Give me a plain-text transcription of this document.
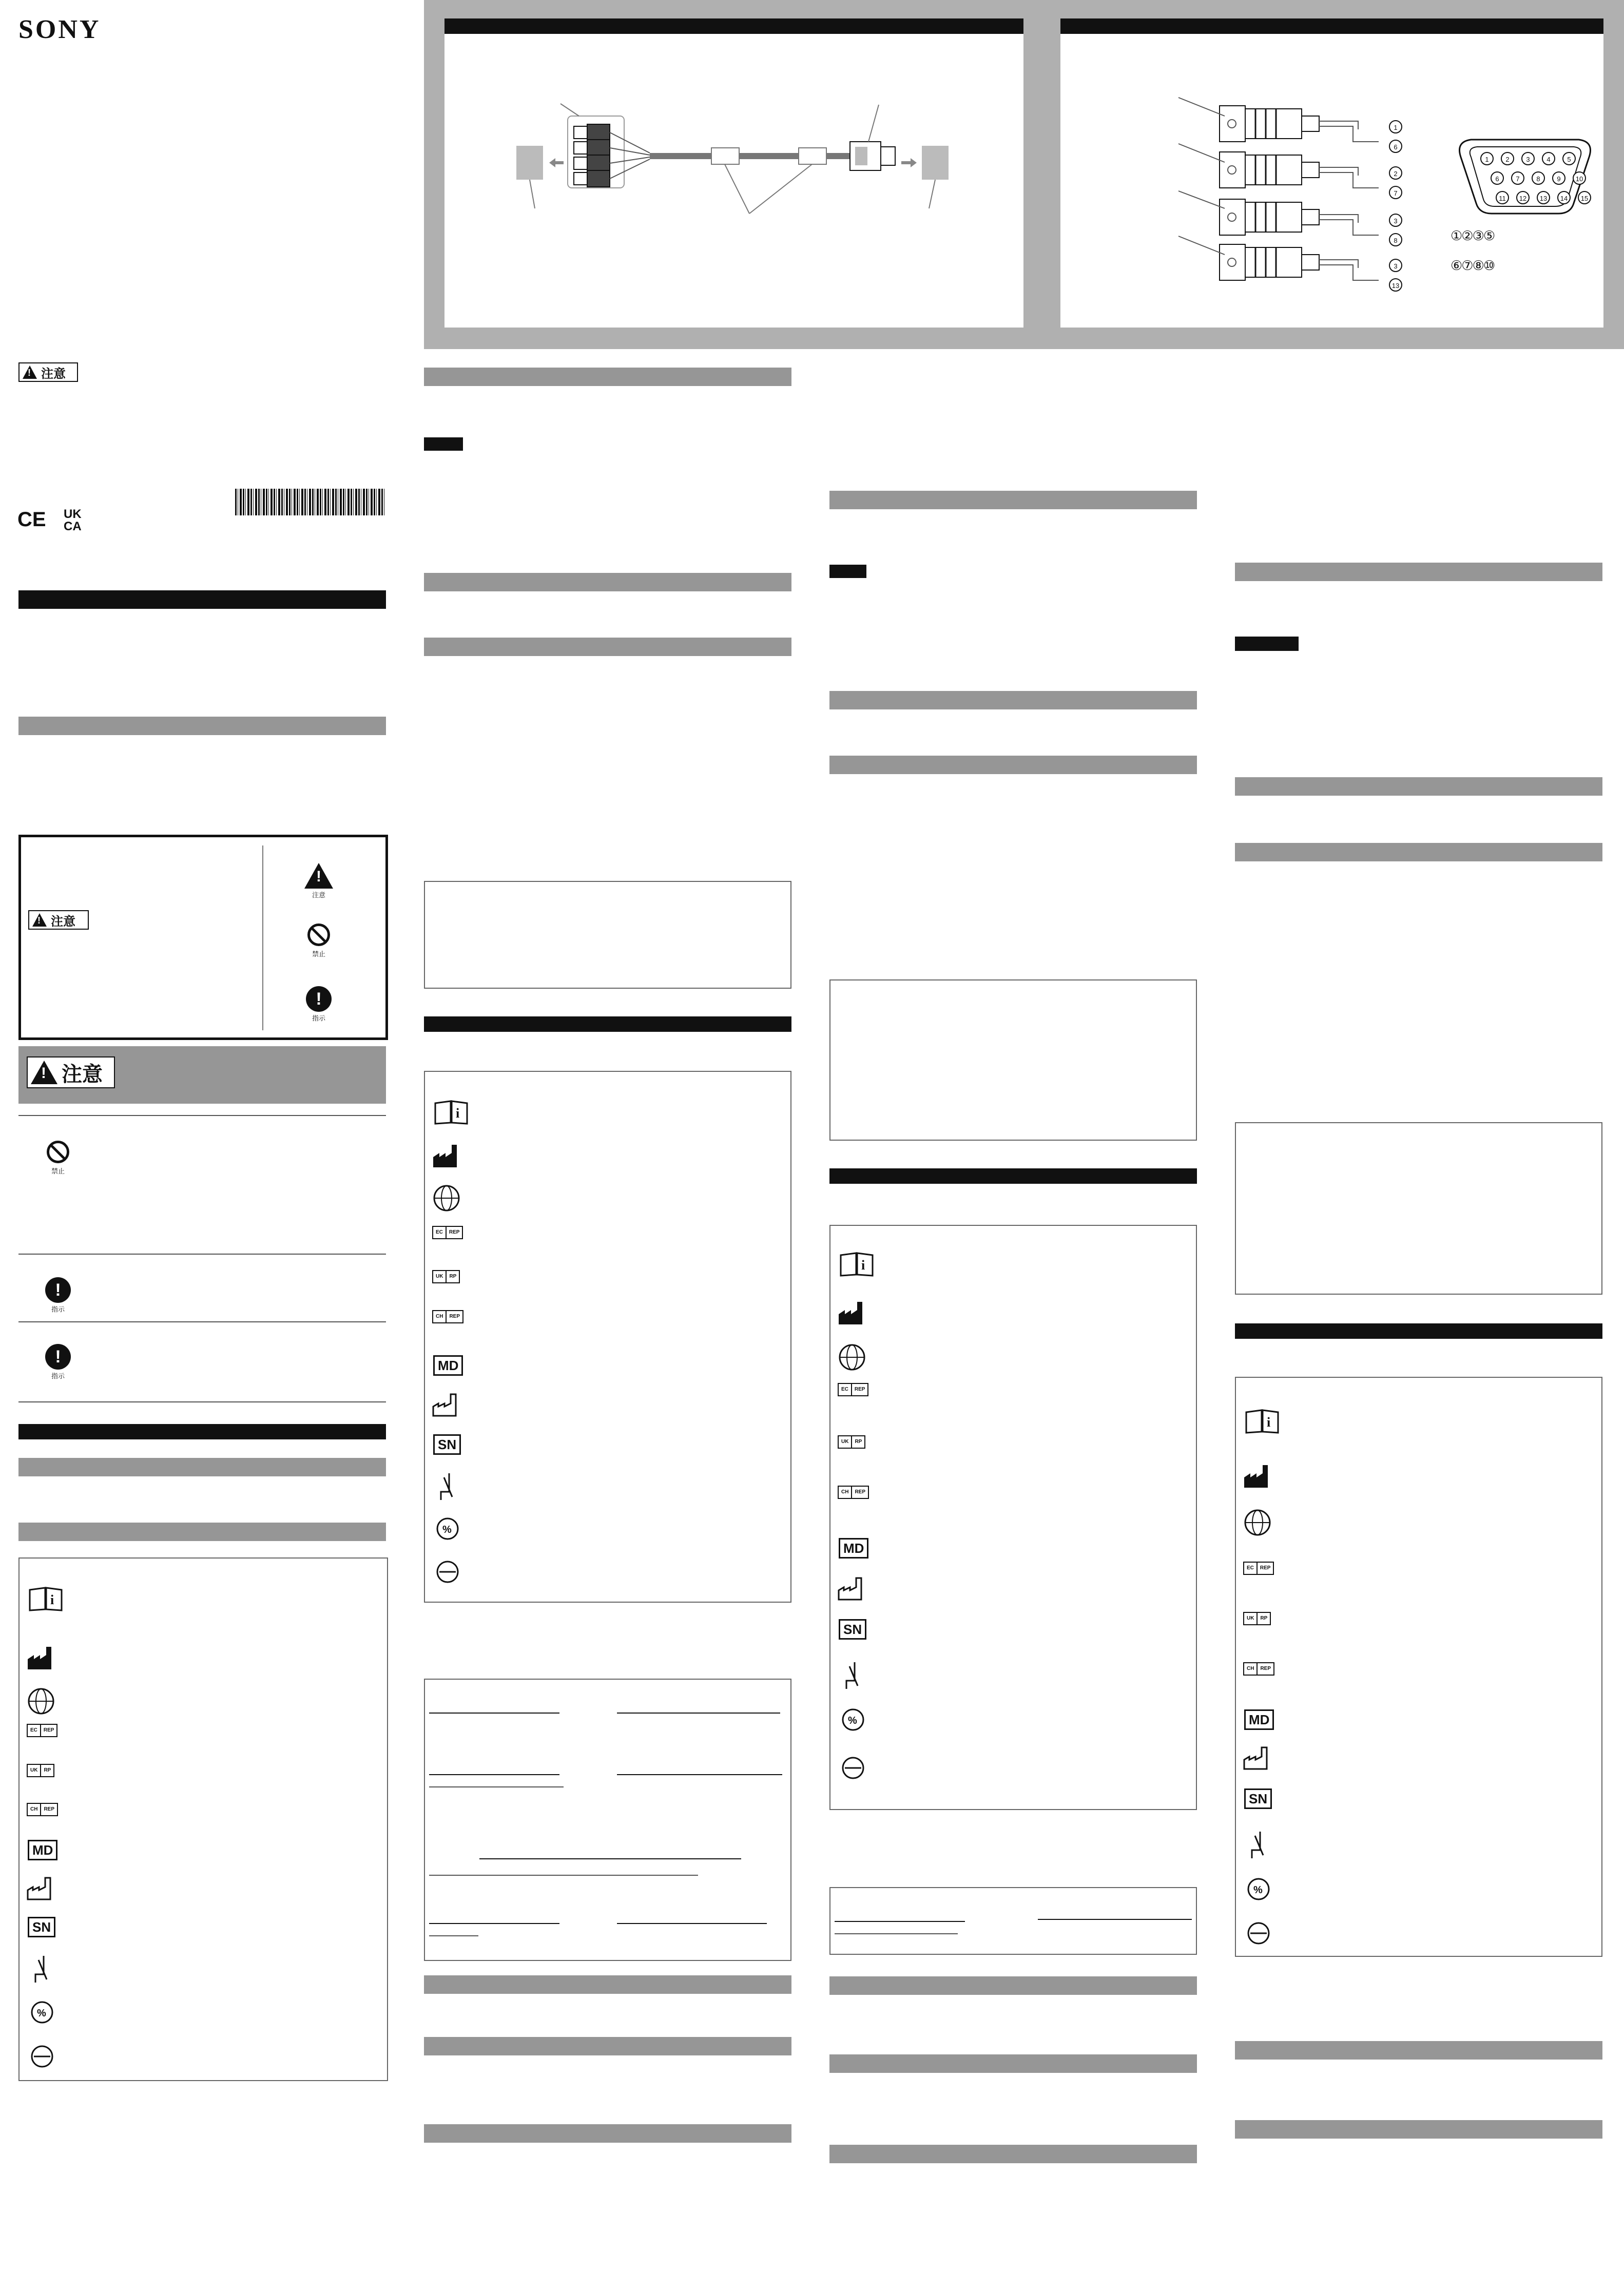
SONY
!
注意
CE UK
CA
!
注意
!
注意
禁止
!
指示
!
注意
禁止
!
指示
!
指示
i
EC	REP
UK	RP
CH	REP
MD
SN
%
1
6
2
7
3
8
3
13
1	2	3	4	5
6	7	8	9	10
11	12	13	14	15
①②③⑤
⑥⑦⑧⑩
i
EC	REP
UK	RP
CH	REP
MD
SN
%
i
EC	REP
UK	RP
CH	REP
MD
SN
%
i
EC	REP
UK	RP
CH	REP
MD
SN
%
